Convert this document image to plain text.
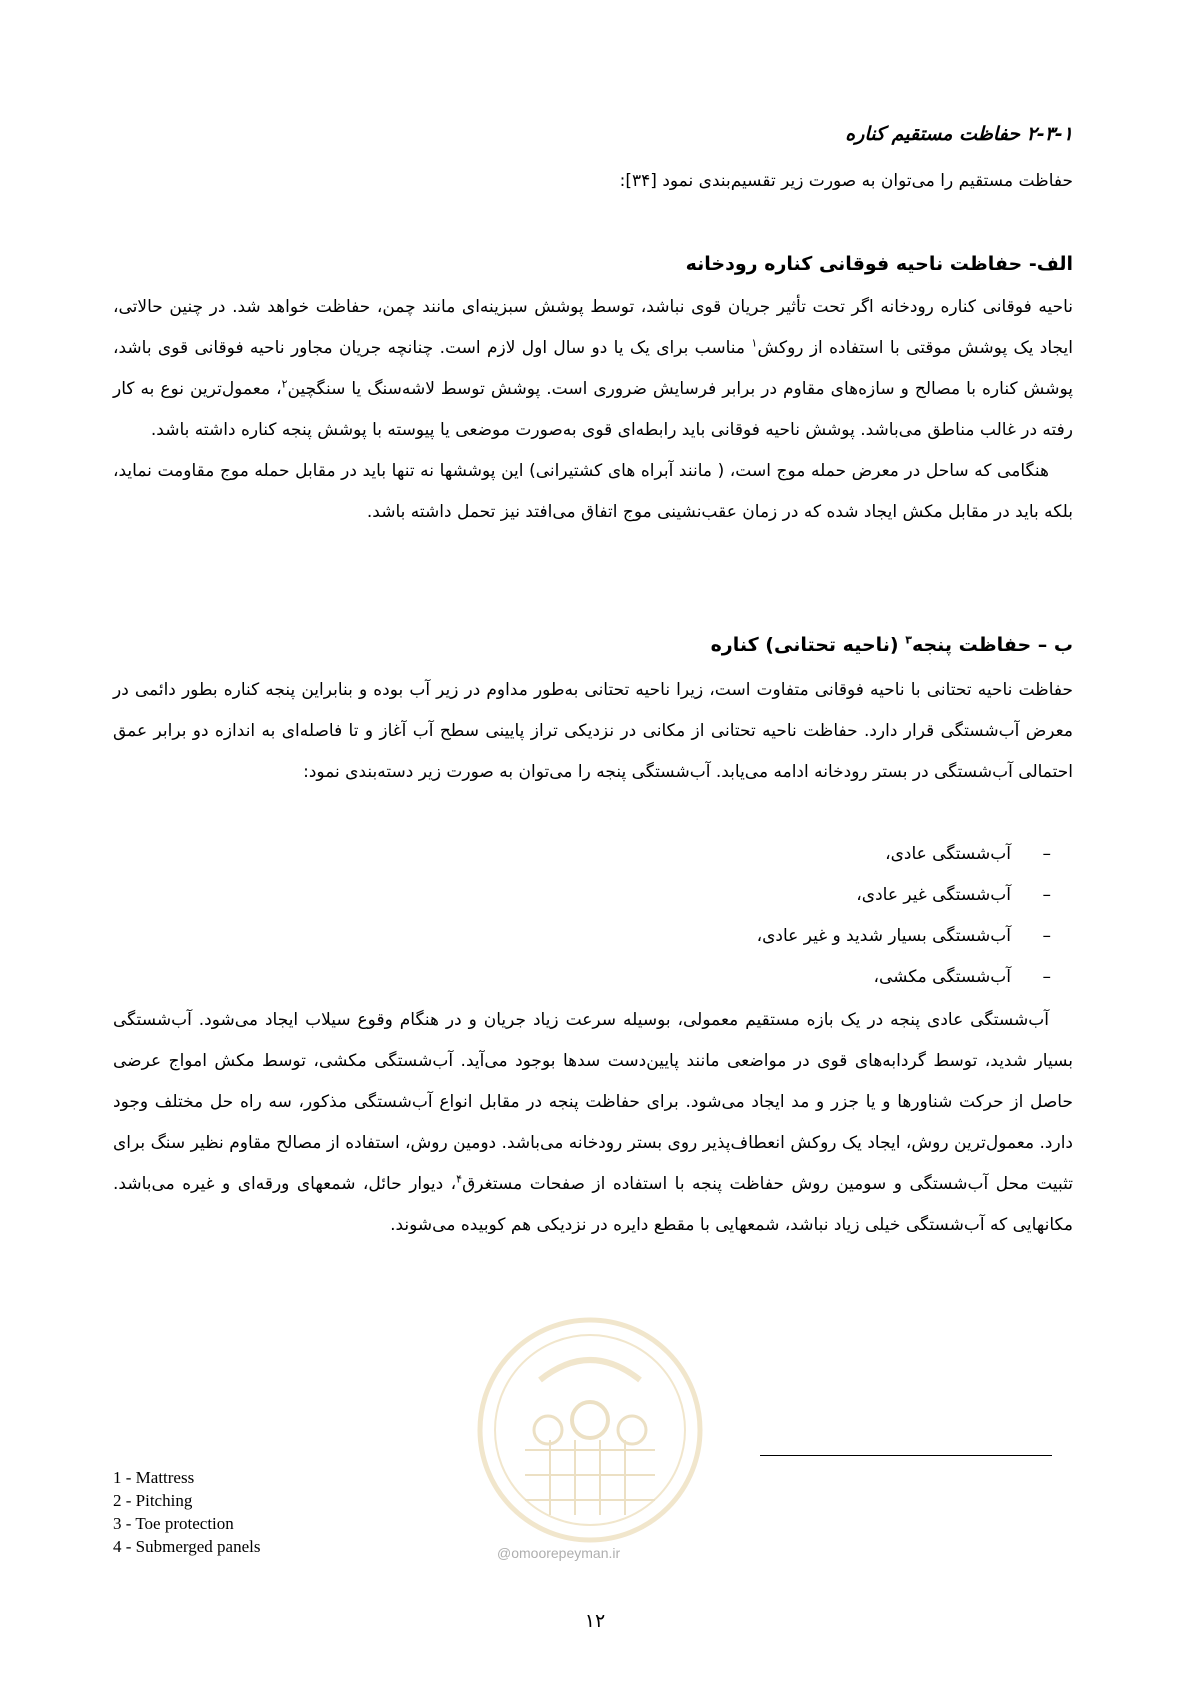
۲-۳-۱ حفاظت مستقیم کناره

حفاظت مستقیم را می‌توان به صورت زیر تقسیم‌بندی نمود [۳۴]:

الف- حفاظت ناحیه فوقانی کناره رودخانه

ناحیه فوقانی کناره رودخانه اگر تحت تأثیر جریان قوی نباشد، توسط پوشش سبزینه‌ای مانند چمن، حفاظت خواهد شد. در چنین حالاتی، ایجاد یک پوشش موقتی با استفاده از روکش$^۱$ مناسب برای یک یا دو سال اول لازم است. چنانچه جریان مجاور ناحیه فوقانی قوی باشد، پوشش کناره با مصالح و سازه‌های مقاوم در برابر فرسایش ضروری است. پوشش توسط لاشه‌سنگ یا سنگچین$^۲$، معمول‌ترین نوع به کار رفته در غالب مناطق می‌باشد. پوشش ناحیه فوقانی باید رابطه‌ای قوی به‌صورت موضعی یا پیوسته با پوشش پنجه کناره داشته باشد.

هنگامی که ساحل در معرض حمله موج است، ( مانند آبراه های کشتیرانی) این پوششها نه تنها باید در مقابل حمله موج مقاومت نماید، بلکه باید در مقابل مکش ایجاد شده که در زمان عقب‌نشینی موج اتفاق می‌افتد نیز تحمل داشته باشد.

ب – حفاظت پنجه$^۳$ (ناحیه تحتانی) کناره

حفاظت ناحیه تحتانی با ناحیه فوقانی متفاوت است، زیرا ناحیه تحتانی به‌طور مداوم در زیر آب بوده و بنابراین پنجه کناره بطور دائمی در معرض آب‌شستگی قرار دارد. حفاظت ناحیه تحتانی از مکانی در نزدیکی تراز پایینی سطح آب آغاز و تا فاصله‌ای به اندازه دو برابر عمق احتمالی آب‌شستگی در بستر رودخانه ادامه می‌یابد. آب‌شستگی پنجه را می‌توان به صورت زیر دسته‌بندی نمود:

–آب‌شستگی عادی،
–آب‌شستگی غیر عادی،
–آب‌شستگی بسیار شدید و غیر عادی،
–آب‌شستگی مکشی،

آب‌شستگی عادی پنجه در یک بازه مستقیم معمولی، بوسیله سرعت زیاد جریان و در هنگام وقوع سیلاب ایجاد می‌شود. آب‌شستگی بسیار شدید، توسط گردابه‌های قوی در مواضعی مانند پایین‌دست سدها بوجود می‌آید. آب‌شستگی مکشی، توسط مکش امواج عرضی حاصل از حرکت شناورها و یا جزر و مد ایجاد می‌شود. برای حفاظت پنجه در مقابل انواع آب‌شستگی مذکور، سه راه حل مختلف وجود دارد. معمول‌ترین روش، ایجاد یک روکش انعطاف‌پذیر روی بستر رودخانه می‌باشد. دومین روش، استفاده از مصالح مقاوم نظیر سنگ برای تثبیت محل آب‌شستگی و سومین روش حفاظت پنجه با استفاده از صفحات مستغرق$^۴$، دیوار حائل، شمعهای ورقه‌ای و غیره می‌باشد. مکانهایی که آب‌شستگی خیلی زیاد نباشد، شمعهایی با مقطع دایره در نزدیکی هم کوبیده می‌شوند.

@omoorepeyman.ir
1 - Mattress
2 - Pitching
3 - Toe protection
4 - Submerged panels
۱۲
